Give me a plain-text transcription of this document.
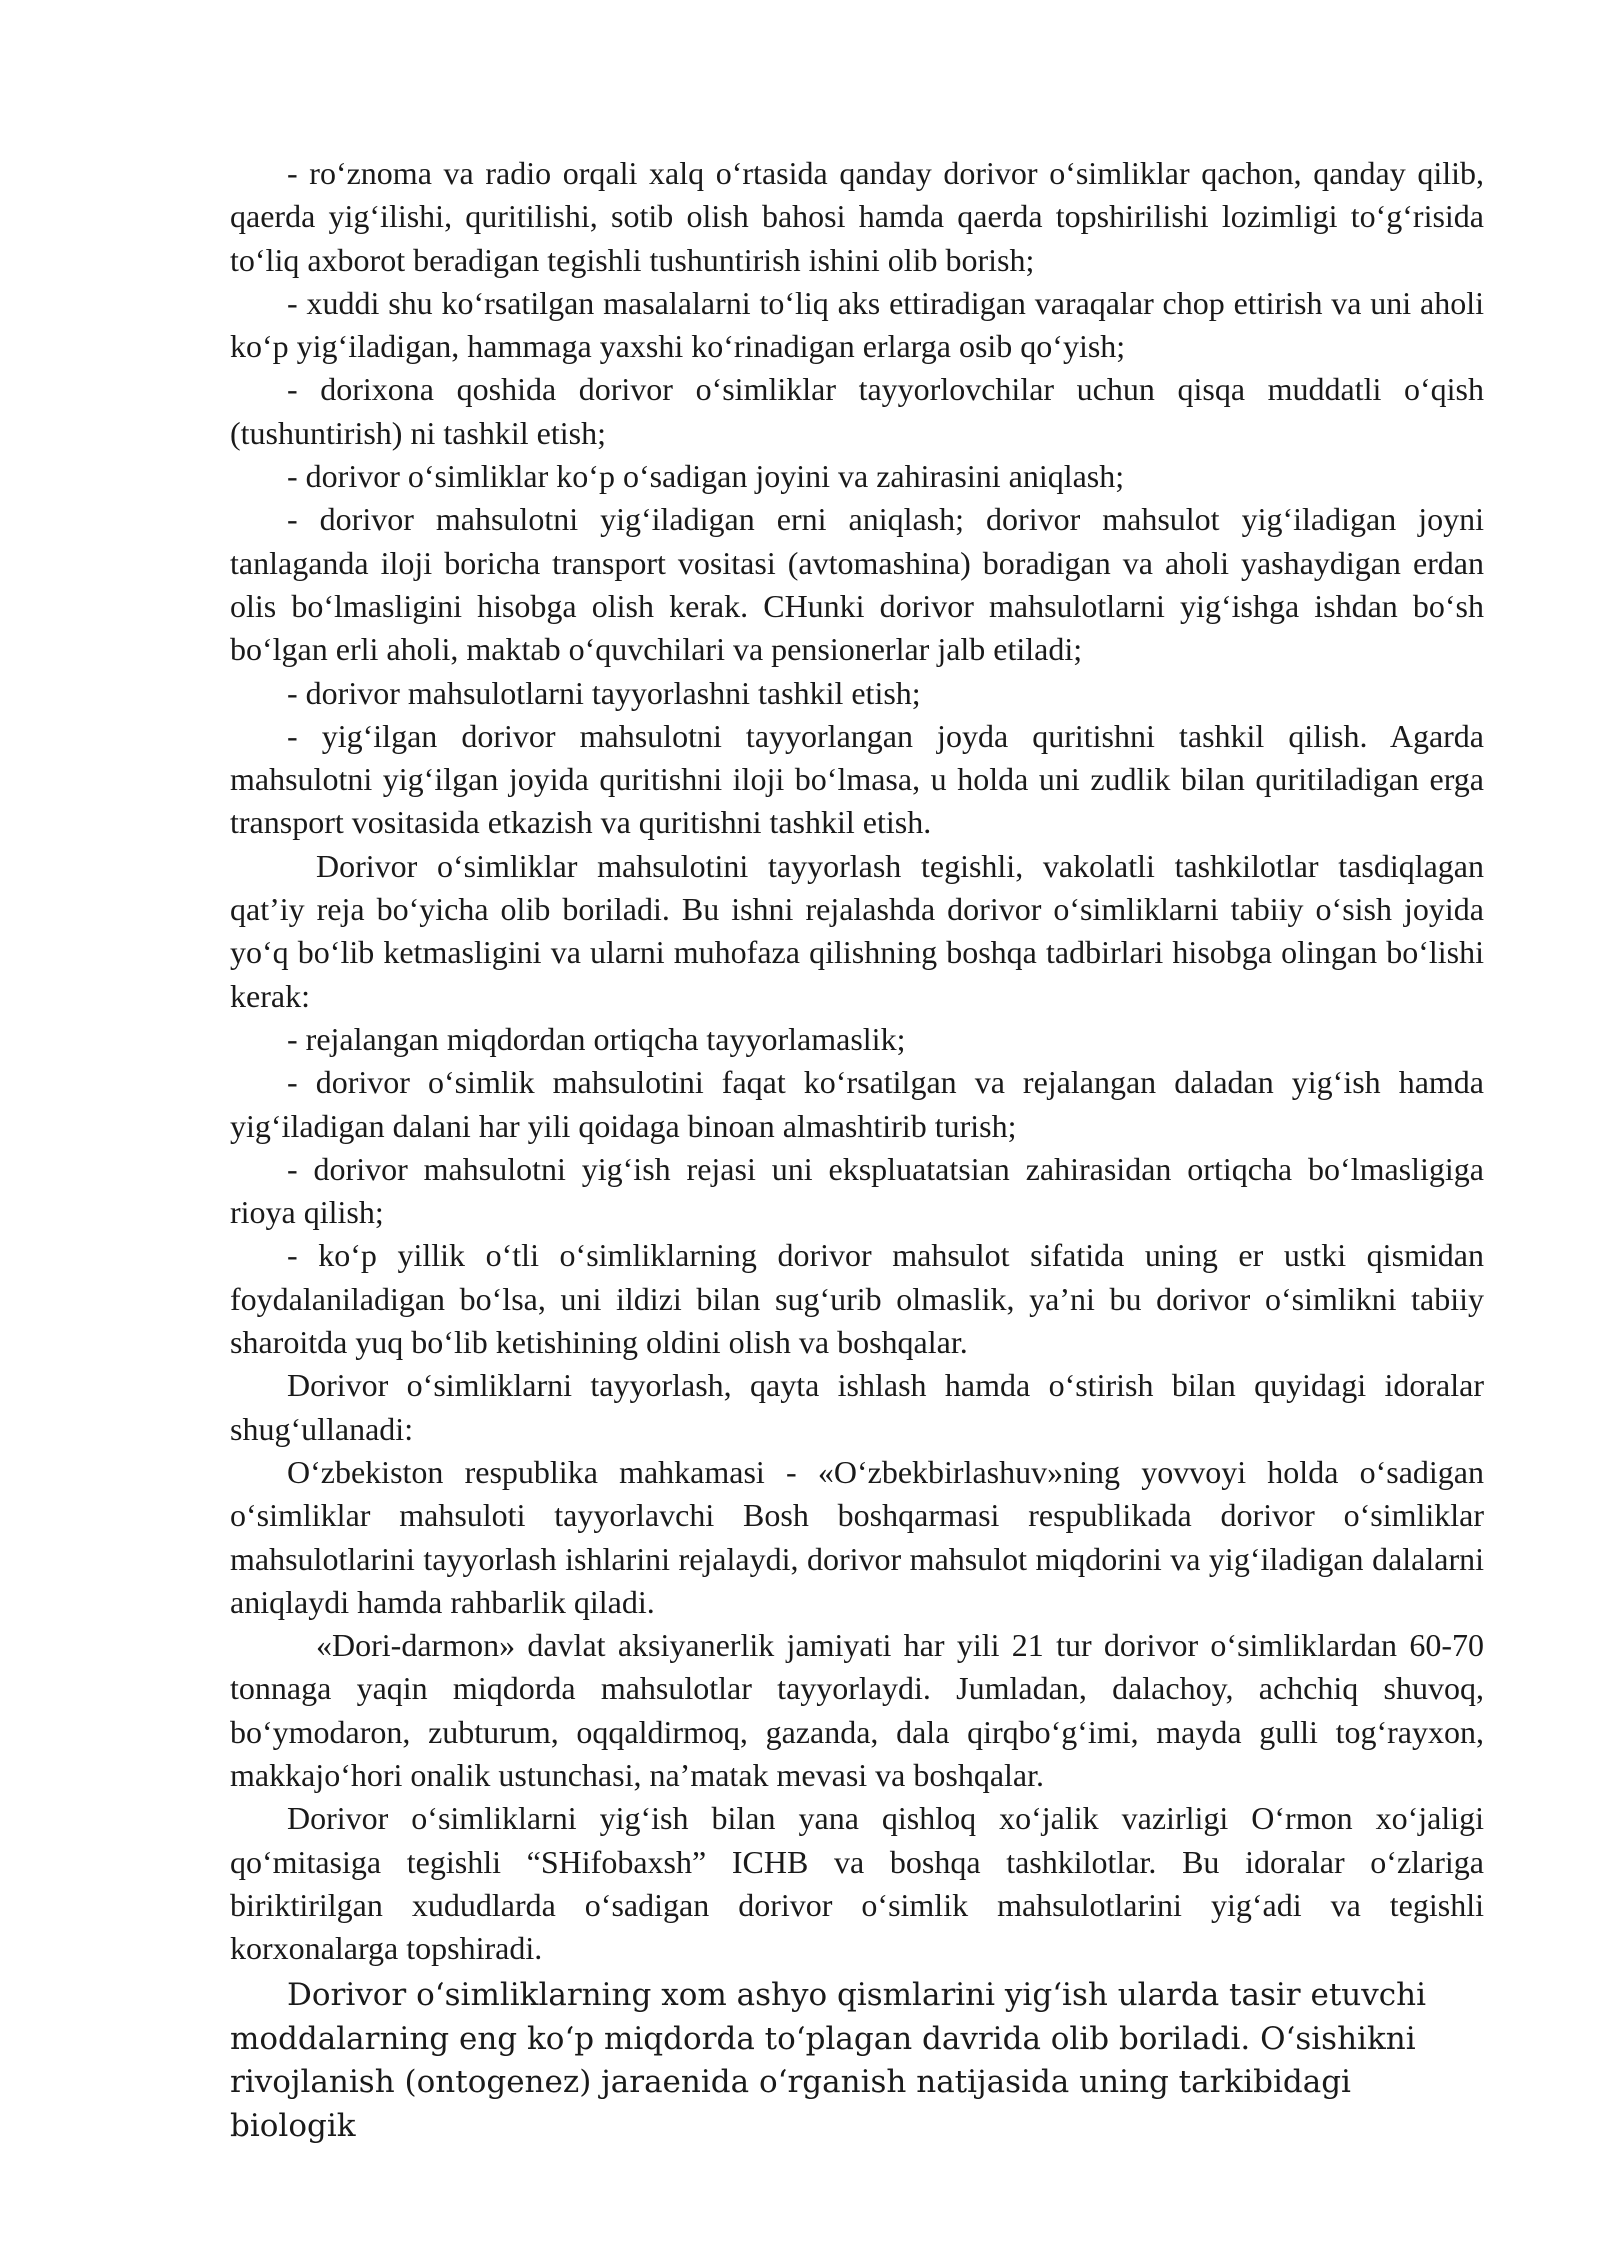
- ro‘znoma va radio orqali xalq o‘rtasida qanday dorivor o‘simliklar qachon, qanday qilib, qaerda yig‘ilishi, quritilishi, sotib olish bahosi hamda qaerda topshirilishi lozimligi to‘g‘risida to‘liq axborot beradigan tegishli tushuntirish ishini olib borish;

- xuddi shu ko‘rsatilgan masalalarni to‘liq aks ettiradigan varaqalar chop ettirish va uni aholi ko‘p yig‘iladigan, hammaga yaxshi ko‘rinadigan erlarga osib qo‘yish;

- dorixona qoshida dorivor o‘simliklar tayyorlovchilar uchun qisqa muddatli o‘qish (tushuntirish) ni tashkil etish;

- dorivor o‘simliklar ko‘p o‘sadigan joyini va zahirasini aniqlash;

- dorivor mahsulotni yig‘iladigan erni aniqlash; dorivor mahsulot yig‘iladigan joyni tanlaganda iloji boricha transport vositasi (avtomashina) boradigan va aholi yashaydigan erdan olis bo‘lmasligini hisobga olish kerak. CHunki dorivor mahsulotlarni yig‘ishga ishdan bo‘sh bo‘lgan erli aholi, maktab o‘quvchilari va pensionerlar jalb etiladi;

- dorivor mahsulotlarni tayyorlashni tashkil etish;

- yig‘ilgan dorivor mahsulotni tayyorlangan joyda quritishni tashkil qilish. Agarda mahsulotni yig‘ilgan joyida quritishni iloji bo‘lmasa, u holda uni zudlik bilan quritiladigan erga transport vositasida etkazish va quritishni tashkil etish.

Dorivor o‘simliklar mahsulotini tayyorlash tegishli, vakolatli tashkilotlar tasdiqlagan qat’iy reja bo‘yicha olib boriladi. Bu ishni rejalashda dorivor o‘simliklarni tabiiy o‘sish joyida yo‘q bo‘lib ketmasligini va ularni muhofaza qilishning boshqa tadbirlari hisobga olingan bo‘lishi kerak:

- rejalangan miqdordan ortiqcha tayyorlamaslik;

- dorivor o‘simlik mahsulotini faqat ko‘rsatilgan va rejalangan daladan yig‘ish hamda yig‘iladigan dalani har yili qoidaga binoan almashtirib turish;

- dorivor mahsulotni yig‘ish rejasi uni ekspluatatsian zahirasidan ortiqcha bo‘lmasligiga rioya qilish;

- ko‘p yillik o‘tli o‘simliklarning dorivor mahsulot sifatida uning er ustki qismidan foydalaniladigan bo‘lsa, uni ildizi bilan sug‘urib olmaslik, ya’ni bu dorivor o‘simlikni tabiiy sharoitda yuq bo‘lib ketishining oldini olish va boshqalar.

Dorivor o‘simliklarni tayyorlash, qayta ishlash hamda o‘stirish bilan quyidagi idoralar shug‘ullanadi:

O‘zbekiston respublika mahkamasi - «O‘zbekbirlashuv»ning yovvoyi holda o‘sadigan o‘simliklar mahsuloti tayyorlavchi Bosh boshqarmasi respublikada dorivor o‘simliklar mahsulotlarini tayyorlash ishlarini rejalaydi, dorivor mahsulot miqdorini va yig‘iladigan dalalarni aniqlaydi hamda rahbarlik qiladi.

«Dori-darmon» davlat aksiyanerlik jamiyati har yili 21 tur dorivor o‘simliklardan 60-70 tonnaga yaqin miqdorda mahsulotlar tayyorlaydi. Jumladan, dalachoy, achchiq shuvoq, bo‘ymodaron, zubturum, oqqaldirmoq, gazanda, dala qirqbo‘g‘imi, mayda gulli tog‘rayxon, makkajo‘hori onalik ustunchasi, na’matak mevasi va boshqalar.

Dorivor o‘simliklarni yig‘ish bilan yana qishloq xo‘jalik vazirligi O‘rmon xo‘jaligi qo‘mitasiga tegishli “SHifobaxsh” ICHB va boshqa tashkilotlar. Bu idoralar o‘zlariga biriktirilgan xududlarda o‘sadigan dorivor o‘simlik mahsulotlarini yig‘adi va tegishli korxonalarga topshiradi.

Dorivor o‘simliklarning xom ashyo qismlarini yig‘ish ularda tasir etuvchi moddalarning eng ko‘p miqdorda to‘plagan davrida olib boriladi. O‘sishikni rivojlanish (ontogenez) jaraenida o‘rganish natijasida uning tarkibidagi biologik
